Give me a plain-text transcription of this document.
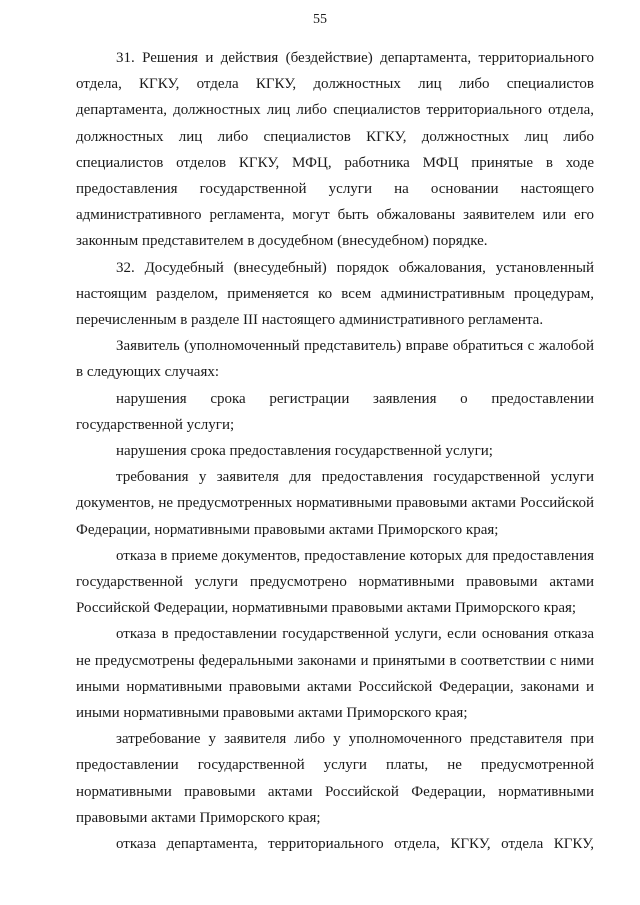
55

31. Решения и действия (бездействие) департамента, территориального отдела, КГКУ, отдела КГКУ, должностных лиц либо специалистов департамента, должностных лиц либо специалистов территориального отдела, должностных лиц либо специалистов КГКУ, должностных лиц либо специалистов отделов КГКУ, МФЦ, работника МФЦ принятые в ходе предоставления государственной услуги на основании настоящего административного регламента, могут быть обжалованы заявителем или его законным представителем в досудебном (внесудебном) порядке.

32. Досудебный (внесудебный) порядок обжалования, установленный настоящим разделом, применяется ко всем административным процедурам, перечисленным в разделе III настоящего административного регламента.

Заявитель (уполномоченный представитель) вправе обратиться с жалобой в следующих случаях:

нарушения срока регистрации заявления о предоставлении государственной услуги;

нарушения срока предоставления государственной услуги;

требования у заявителя для предоставления государственной услуги документов, не предусмотренных нормативными правовыми актами Российской Федерации, нормативными правовыми актами Приморского края;

отказа в приеме документов, предоставление которых для предоставления государственной услуги предусмотрено нормативными правовыми актами Российской Федерации, нормативными правовыми актами Приморского края;

отказа в предоставлении государственной услуги, если основания отказа не предусмотрены федеральными законами и принятыми в соответствии с ними иными нормативными правовыми актами Российской Федерации, законами и иными нормативными правовыми актами Приморского края;

затребование у заявителя либо у уполномоченного представителя при предоставлении государственной услуги платы, не предусмотренной нормативными правовыми актами Российской Федерации, нормативными правовыми актами Приморского края;

отказа департамента, территориального отдела, КГКУ, отдела КГКУ,
